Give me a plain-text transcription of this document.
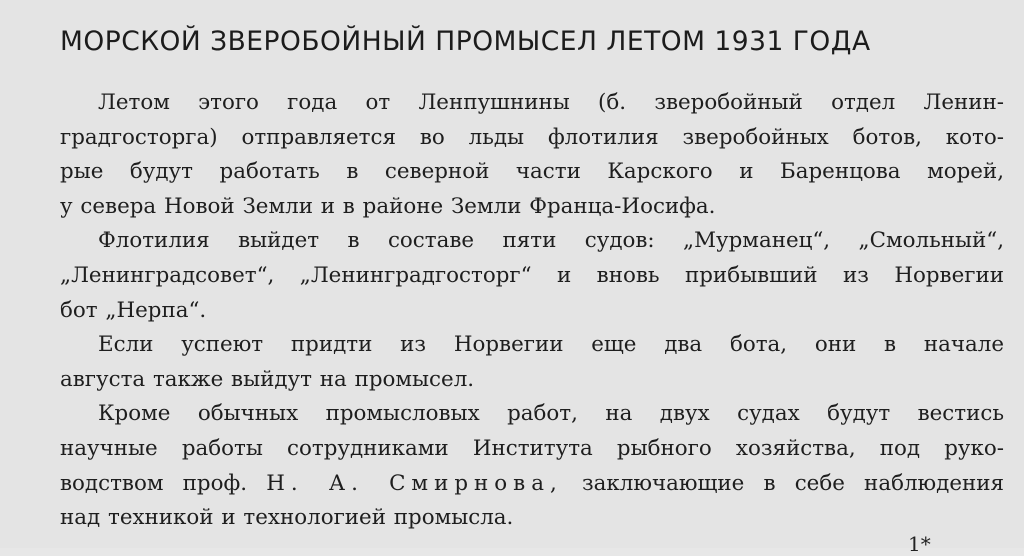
МОРСКОЙ ЗВЕРОБОЙНЫЙ ПРОМЫСЕЛ ЛЕТОМ 1931 ГОДА
Летом этого года от Ленпушнины (б. зверобойный отдел Ленин-
градгосторга) отправляется во льды флотилия зверобойных ботов, кото-
рые будут работать в северной части Карского и Баренцова морей,
у севера Новой Земли и в районе Земли Франца-Иосифа.
Флотилия выйдет в составе пяти судов: „Мурманец“, „Смольный“,
„Ленинградсовет“, „Ленинградгосторг“ и вновь прибывший из Норвегии
бот „Нерпа“.
Если успеют придти из Норвегии еще два бота, они в начале
августа также выйдут на промысел.
Кроме обычных промысловых работ, на двух судах будут вестись
научные работы сотрудниками Института рыбного хозяйства, под руко-
водством проф. Н. А. Смирнова, заключающие в себе наблюдения
над техникой и технологией промысла.
1*
